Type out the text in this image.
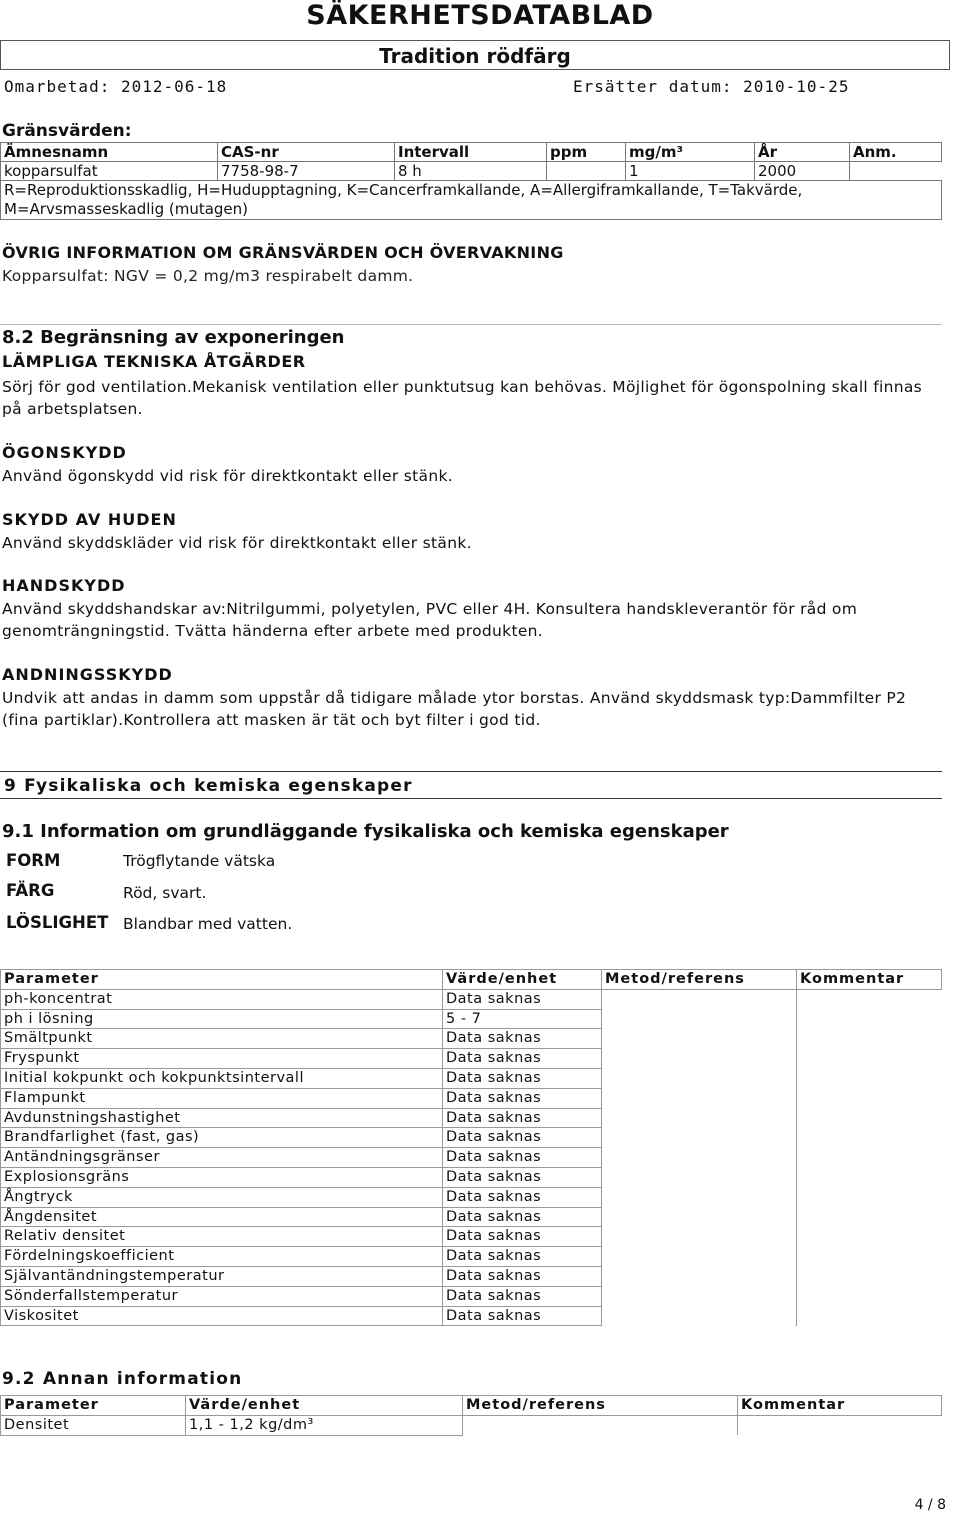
SÄKERHETSDATABLAD
Tradition rödfärg
Omarbetad: 2012-06-18	Ersätter datum: 2010-10-25
Gränsvärden:
Ämnesnamn	CAS-nr	Intervall	ppm	mg/m³	År	Anm.
kopparsulfat	7758-98-7	8 h		1	2000	
R=Reproduktionsskadlig, H=Hudupptagning, K=Cancerframkallande, A=Allergiframkallande, T=Takvärde, M=Arvsmasseskadlig (mutagen)						
ÖVRIG INFORMATION OM GRÄNSVÄRDEN OCH ÖVERVAKNING
Kopparsulfat: NGV = 0,2 mg/m3 respirabelt damm.
8.2 Begränsning av exponeringen
LÄMPLIGA TEKNISKA ÅTGÄRDER
Sörj för god ventilation.Mekanisk ventilation eller punktutsug kan behövas. Möjlighet för ögonspolning skall finnas på arbetsplatsen.
ÖGONSKYDD
Använd ögonskydd vid risk för direktkontakt eller stänk.
SKYDD AV HUDEN
Använd skyddskläder vid risk för direktkontakt eller stänk.
HANDSKYDD
Använd skyddshandskar av:Nitrilgummi, polyetylen, PVC eller 4H. Konsultera handskleverantör för råd om genomträngningstid. Tvätta händerna efter arbete med produkten.
ANDNINGSSKYDD
Undvik att andas in damm som uppstår då tidigare målade ytor borstas. Använd skyddsmask typ:Dammfilter P2 (fina partiklar).Kontrollera att masken är tät och byt filter i god tid.
9 Fysikaliska och kemiska egenskaper
9.1 Information om grundläggande fysikaliska och kemiska egenskaper
FORM	Trögflytande vätska
FÄRG	Röd, svart.
LÖSLIGHET Blandbar med vatten.
Parameter	Värde/enhet	Metod/referens	Kommentar
ph-koncentrat	Data saknas		
ph i lösning	5 - 7		
Smältpunkt	Data saknas		
Fryspunkt	Data saknas		
Initial kokpunkt och kokpunktsintervall	Data saknas		
Flampunkt	Data saknas		
Avdunstningshastighet	Data saknas		
Brandfarlighet (fast, gas)	Data saknas		
Antändningsgränser	Data saknas		
Explosionsgräns	Data saknas		
Ångtryck	Data saknas		
Ångdensitet	Data saknas		
Relativ densitet	Data saknas		
Fördelningskoefficient	Data saknas		
Självantändningstemperatur	Data saknas		
Sönderfallstemperatur	Data saknas		
Viskositet	Data saknas		
9.2 Annan information
Parameter	Värde/enhet	Metod/referens	Kommentar
Densitet	1,1 - 1,2 kg/dm³		
4 / 8
